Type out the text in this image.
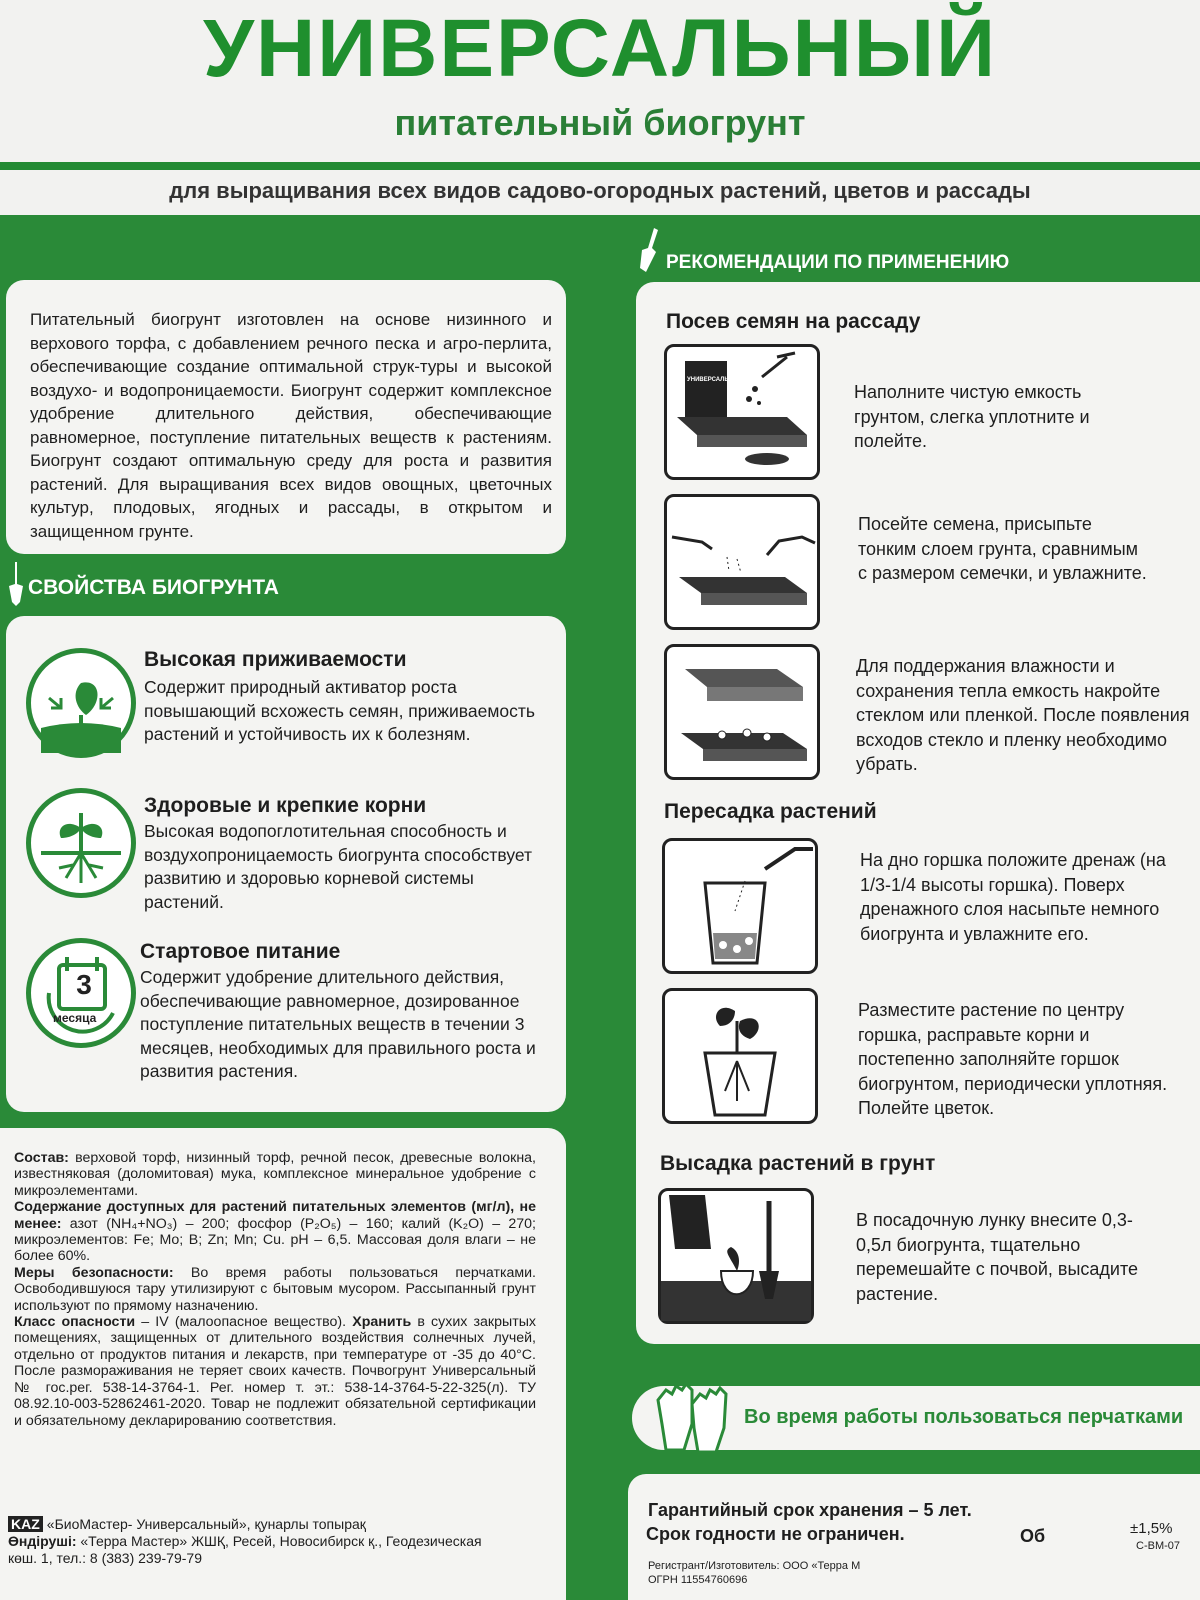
УНИВЕРСАЛЬНЫЙ
питательный биогрунт
для выращивания всех видов садово-огородных растений, цветов и рассады
Питательный биогрунт изготовлен на основе низинного и верхового торфа, с добавлением речного песка и агро-перлита, обеспечивающие создание оптимальной струк-туры и высокой воздухо- и водопроницаемости. Биогрунт содержит комплексное удобрение длительного действия, обеспечивающие равномерное, поступление питательных веществ к растениям. Биогрунт создают оптимальную среду для роста и развития растений. Для выращивания всех видов овощных, цветочных культур, плодовых, ягодных и рассады, в открытом и защищенном грунте.
СВОЙСТВА БИОГРУНТА
Высокая приживаемости
Содержит природный активатор роста повышающий всхожесть семян, приживаемость растений и устойчивость их к болезням.
Здоровые и крепкие корни
Высокая водопоглотительная способность и воздухопроницаемость биогрунта способствует развитию и здоровью корневой системы растений.
3
месяца
Стартовое питание
Содержит удобрение длительного действия, обеспечивающие равномерное, дозированное поступление питательных веществ в течении 3 месяцев, необходимых для правильного роста и развития растения.
Состав: верховой торф, низинный торф, речной песок, древесные волокна, известняковая (доломитовая) мука, комплексное минеральное удобрение с микроэлементами.
Содержание доступных для растений питательных элементов (мг/л), не менее: азот (NH₄+NO₃) – 200; фосфор (P₂O₅) – 160; калий (K₂O) – 270; микроэлементов: Fe; Mo; B; Zn; Mn; Cu. pH – 6,5. Массовая доля влаги – не более 60%.
Меры безопасности: Во время работы пользоваться перчатками. Освободившуюся тару утилизируют с бытовым мусором. Рассыпанный грунт используют по прямому назначению.
Класс опасности – IV (малоопасное вещество). Хранить в сухих закрытых помещениях, защищенных от длительного воздействия солнечных лучей, отдельно от продуктов питания и лекарств, при температуре от -35 до 40°С. После размораживания не теряет своих качеств. Почвогрунт Универсальный № гос.рег. 538-14-3764-1. Рег. номер т. эт.: 538-14-3764-5-22-325(л). ТУ 08.92.10-003-52862461-2020. Товар не подлежит обязательной сертификации и обязательному декларированию соответствия.
KAZ «БиоМастер- Универсальный», қунарлы топырақ
Өндіруші: «Терра Мастер» ЖШҚ, Ресей, Новосибирск қ., Геодезическая
көш. 1, тел.: 8 (383) 239-79-79
РЕКОМЕНДАЦИИ ПО ПРИМЕНЕНИЮ
Посев семян на рассаду
УНИВЕРСАЛЬНЫЙ
Наполните чистую емкость грунтом, слегка уплотните и полейте.
Посейте семена, присыпьте тонким слоем грунта, сравнимым с размером семечки, и увлажните.
Для поддержания влажности и сохранения тепла емкость накройте стеклом или пленкой. После появления всходов стекло и пленку необходимо убрать.
Пересадка растений
На дно горшка положите дренаж (на 1/3-1/4 высоты горшка). Поверх дренажного слоя насыпьте немного биогрунта и увлажните его.
Разместите растение по центру горшка, расправьте корни и постепенно заполняйте горшок биогрунтом, периодически уплотняя. Полейте цветок.
Высадка растений в грунт
В посадочную лунку внесите 0,3-0,5л биогрунта, тщательно перемешайте с почвой, высадите растение.
Во время работы пользоваться перчатками
Гарантийный срок хранения – 5 лет.
Срок годности не ограничен.	Об	±1,5%
С-ВМ-07
Регистрант/Изготовитель: ООО «Терра М
ОГРН 11554760696
